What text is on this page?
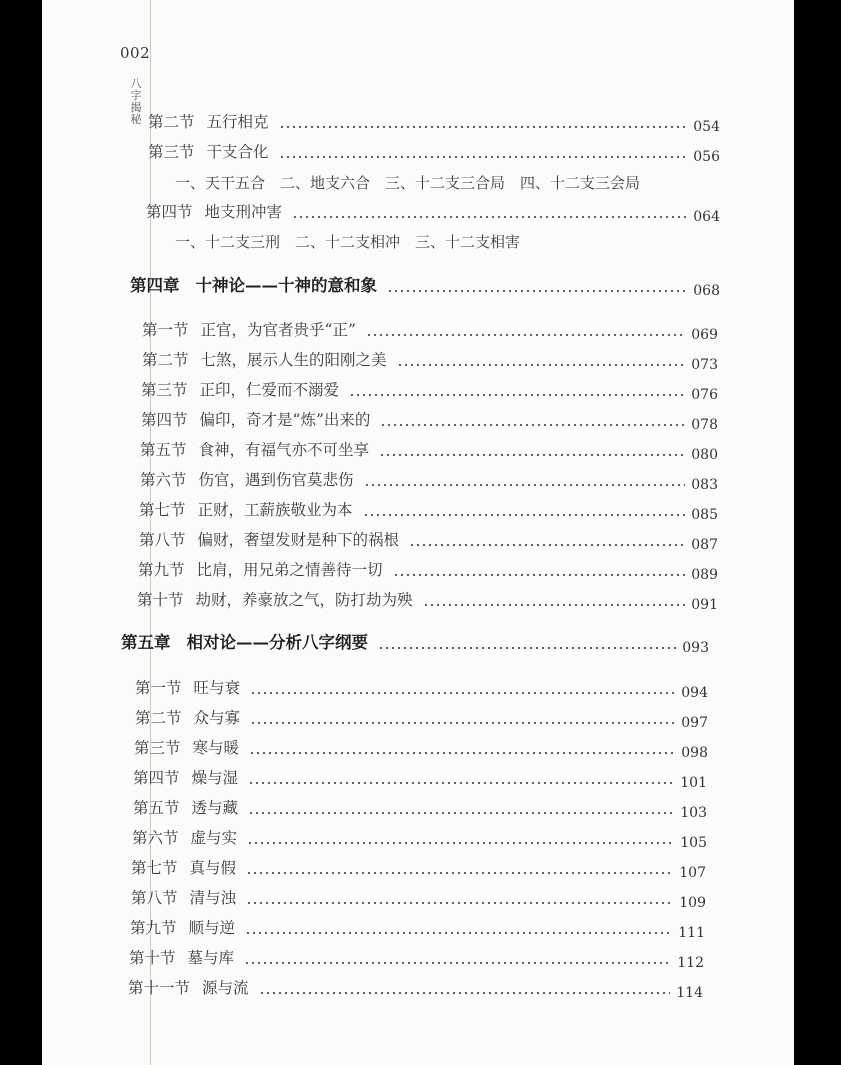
002
八字揭秘 第二节 五行相克	054
第三节 干支合化	056
一、天干五合　二、地支六合　三、十二支三合局　四、十二支三会局
第四节 地支刑冲害	064
一、十二支三刑　二、十二支相冲　三、十二支相害
第四章 十神论——十神的意和象	068
第一节 正官，为官者贵乎“正”	069
第二节 七煞，展示人生的阳刚之美	073
第三节 正印，仁爱而不溺爱	076
第四节 偏印，奇才是“炼”出来的	078
第五节 食神，有福气亦不可坐享	080
第六节 伤官，遇到伤官莫悲伤	083
第七节 正财，工薪族敬业为本	085
第八节 偏财，奢望发财是种下的祸根	087
第九节 比肩，用兄弟之情善待一切	089
第十节 劫财，养豪放之气，防打劫为殃	091
第五章 相对论——分析八字纲要	093
第一节 旺与衰	094
第二节 众与寡	097
第三节 寒与暖	098
第四节 燥与湿	101
第五节 透与藏	103
第六节 虚与实	105
第七节 真与假	107
第八节 清与浊	109
第九节 顺与逆	111
第十节 墓与库	112
第十一节 源与流	114
